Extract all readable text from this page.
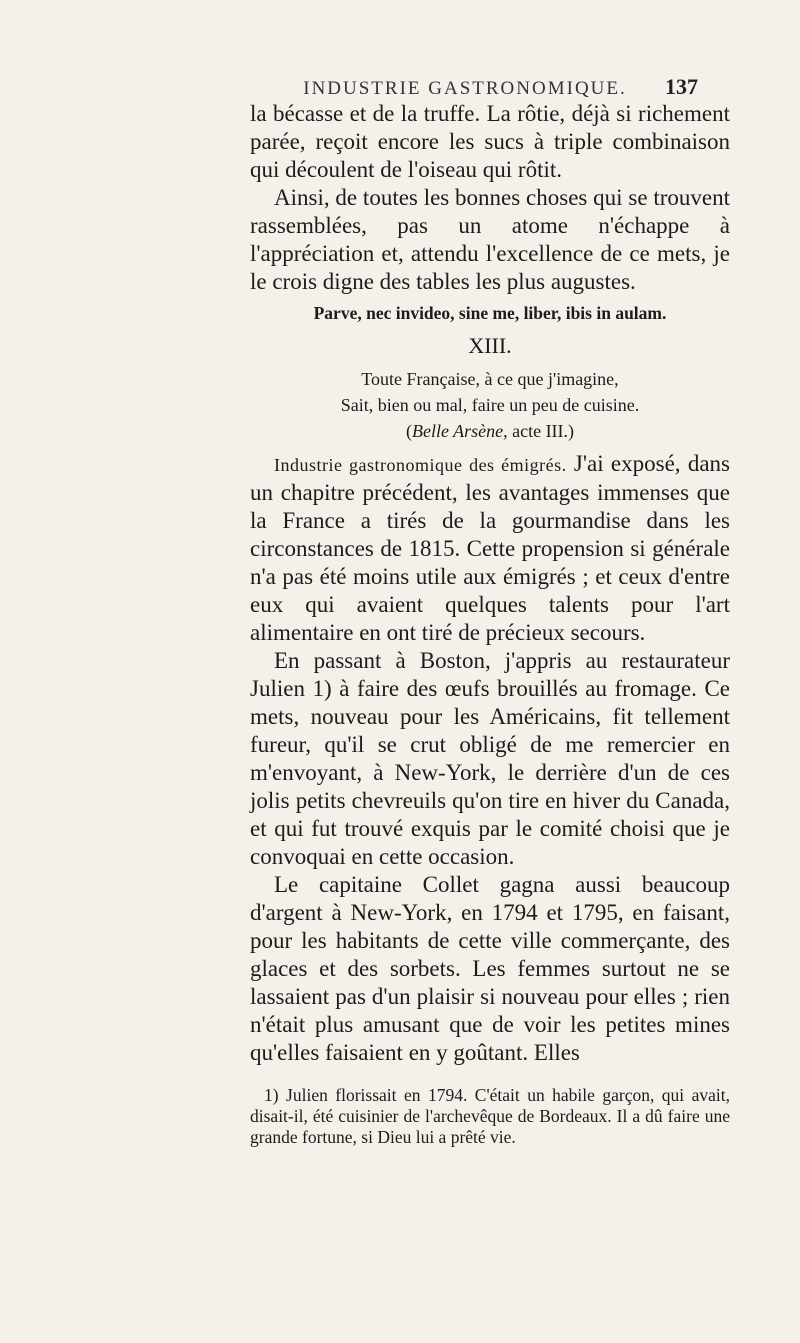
INDUSTRIE GASTRONOMIQUE.	137

la bécasse et de la truffe. La rôtie, déjà si richement parée, reçoit encore les sucs à triple combinaison qui découlent de l'oiseau qui rôtit.

Ainsi, de toutes les bonnes choses qui se trouvent rassemblées, pas un atome n'échappe à l'appréciation et, attendu l'excellence de ce mets, je le crois digne des tables les plus augustes.

Parve, nec invideo, sine me, liber, ibis in aulam.
XIII.
Toute Française, à ce que j'imagine,
Sait, bien ou mal, faire un peu de cuisine.
(Belle Arsène, acte III.)

Industrie gastronomique des émigrés. J'ai exposé, dans un chapitre précédent, les avantages immenses que la France a tirés de la gourmandise dans les circonstances de 1815. Cette propension si générale n'a pas été moins utile aux émigrés ; et ceux d'entre eux qui avaient quelques talents pour l'art alimentaire en ont tiré de précieux secours.

En passant à Boston, j'appris au restaurateur Julien 1) à faire des œufs brouillés au fromage. Ce mets, nouveau pour les Américains, fit tellement fureur, qu'il se crut obligé de me remercier en m'envoyant, à New-York, le derrière d'un de ces jolis petits chevreuils qu'on tire en hiver du Canada, et qui fut trouvé exquis par le comité choisi que je convoquai en cette occasion.

Le capitaine Collet gagna aussi beaucoup d'argent à New-York, en 1794 et 1795, en faisant, pour les habitants de cette ville commerçante, des glaces et des sorbets. Les femmes surtout ne se lassaient pas d'un plaisir si nouveau pour elles ; rien n'était plus amusant que de voir les petites mines qu'elles faisaient en y goûtant. Elles

1) Julien florissait en 1794. C'était un habile garçon, qui avait, disait-il, été cuisinier de l'archevêque de Bordeaux. Il a dû faire une grande fortune, si Dieu lui a prêté vie.
